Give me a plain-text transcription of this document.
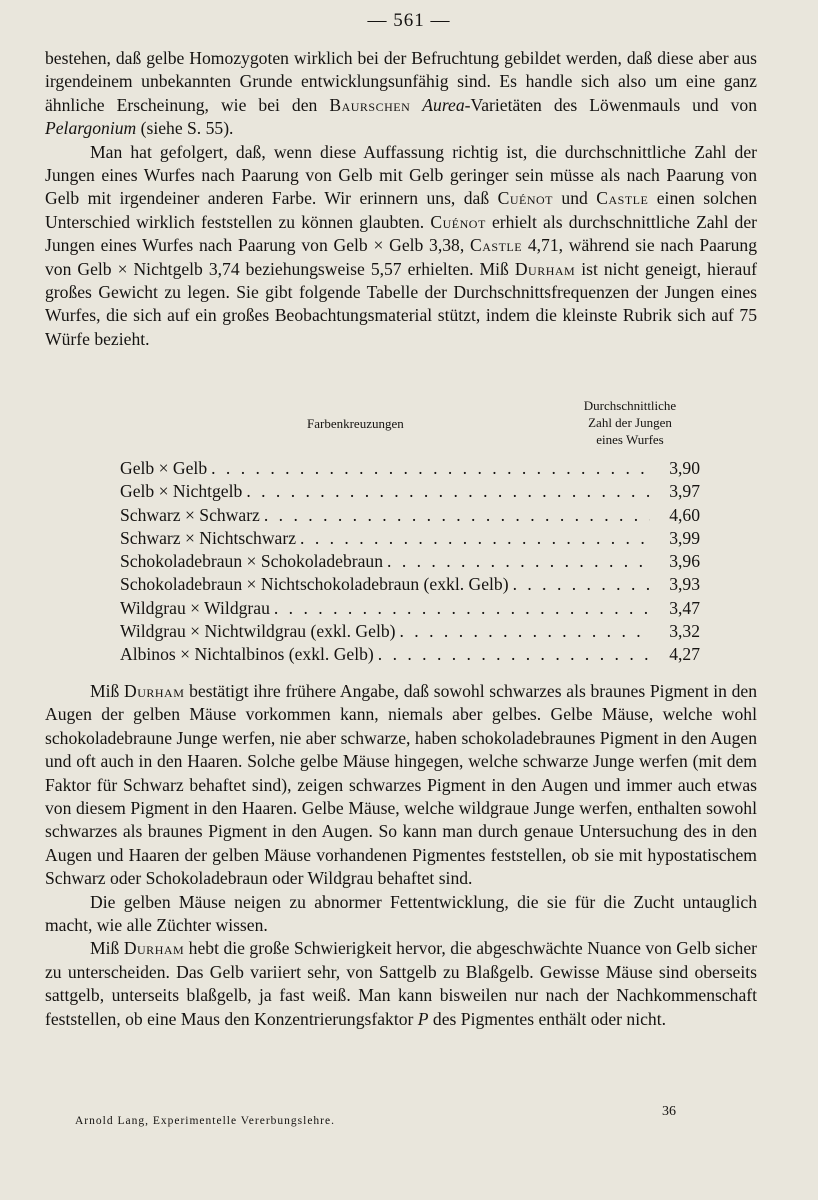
— 561 —

bestehen, daß gelbe Homozygoten wirklich bei der Befruchtung gebildet werden, daß diese aber aus irgendeinem unbekannten Grunde entwicklungsunfähig sind. Es handle sich also um eine ganz ähnliche Erscheinung, wie bei den Baurschen Aurea-Varietäten des Löwenmauls und von Pelargonium (siehe S. 55).

Man hat gefolgert, daß, wenn diese Auffassung richtig ist, die durchschnittliche Zahl der Jungen eines Wurfes nach Paarung von Gelb mit Gelb geringer sein müsse als nach Paarung von Gelb mit irgendeiner anderen Farbe. Wir erinnern uns, daß Cuénot und Castle einen solchen Unterschied wirklich feststellen zu können glaubten. Cuénot erhielt als durchschnittliche Zahl der Jungen eines Wurfes nach Paarung von Gelb × Gelb 3,38, Castle 4,71, während sie nach Paarung von Gelb × Nichtgelb 3,74 beziehungsweise 5,57 erhielten. Miß Durham ist nicht geneigt, hierauf großes Gewicht zu legen. Sie gibt folgende Tabelle der Durchschnittsfrequenzen der Jungen eines Wurfes, die sich auf ein großes Beobachtungsmaterial stützt, indem die kleinste Rubrik sich auf 75 Würfe bezieht.

Farbenkreuzungen
Durchschnittliche
Zahl der Jungen
eines Wurfes
Gelb × Gelb . . .	3,90
Gelb × Nichtgelb . . .	3,97
Schwarz × Schwarz . . .	4,60
Schwarz × Nichtschwarz . . .	3,99
Schokoladebraun × Schokoladebraun . . .	3,96
Schokoladebraun × Nichtschokoladebraun (exkl. Gelb) . . .	3,93
Wildgrau × Wildgrau . . .	3,47
Wildgrau × Nichtwildgrau (exkl. Gelb) . . .	3,32
Albinos × Nichtalbinos (exkl. Gelb) . . .	4,27

Miß Durham bestätigt ihre frühere Angabe, daß sowohl schwarzes als braunes Pigment in den Augen der gelben Mäuse vorkommen kann, niemals aber gelbes. Gelbe Mäuse, welche wohl schokoladebraune Junge werfen, nie aber schwarze, haben schokoladebraunes Pigment in den Augen und oft auch in den Haaren. Solche gelbe Mäuse hingegen, welche schwarze Junge werfen (mit dem Faktor für Schwarz behaftet sind), zeigen schwarzes Pigment in den Augen und immer auch etwas von diesem Pigment in den Haaren. Gelbe Mäuse, welche wildgraue Junge werfen, enthalten sowohl schwarzes als braunes Pigment in den Augen. So kann man durch genaue Untersuchung des in den Augen und Haaren der gelben Mäuse vorhandenen Pigmentes feststellen, ob sie mit hypostatischem Schwarz oder Schokoladebraun oder Wildgrau behaftet sind.

Die gelben Mäuse neigen zu abnormer Fettentwicklung, die sie für die Zucht untauglich macht, wie alle Züchter wissen.

Miß Durham hebt die große Schwierigkeit hervor, die abgeschwächte Nuance von Gelb sicher zu unterscheiden. Das Gelb variiert sehr, von Sattgelb zu Blaßgelb. Gewisse Mäuse sind oberseits sattgelb, unterseits blaßgelb, ja fast weiß. Man kann bisweilen nur nach der Nachkommenschaft feststellen, ob eine Maus den Konzentrierungsfaktor P des Pigmentes enthält oder nicht.

Arnold Lang, Experimentelle Vererbungslehre.
36
